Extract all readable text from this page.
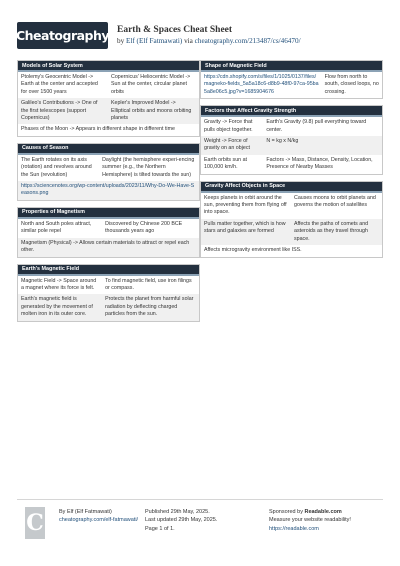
Cheatography Earth & Spaces Cheat Sheet
by Elf (Elf Fatmawati) via cheatography.com/213487/cs/46470/
Models of Solar System
Ptolemy's Geocentric Model -> Earth at the center and accepted for over 1500 years
Copernicus' Heliocentric Model -> Sun at the center, circular planet orbits
Galileo's Contributions -> One of the first telescopes (support Copernicus)
Kepler's Improved Model -> Elliptical orbits and moons orbiting planets
Phases of the Moon -> Appears in different shape in different time
Causes of Season
The Earth rotates on its axis (rotation) and revolves around the Sun (revolution)
Daylight (the hemisphere experi-encing summer (e.g., the Northern Hemisphere) is tilted towards the sun)
https://sciencenotes.org/wp-content/uploads/2023/11/Why-Do-We-Have-Seasons.png
Properties of Magnetism
North and South poles attract, similar pole repel
Discovered by Chinese 200 BCE thousands years ago
Magnetism (Physical) -> Allows certain materials to attract or repel each other.
Earth's Magnetic Field
Magnetic Field -> Space around a magnet where its force is felt.
To find magnetic field, use iron filings or compass.
Earth's magnetic field is generated by the movement of molten iron in its outer core.
Protects the planet from harmful solar radiation by deflecting charged particles from the sun.
Shape of Magnetic Field
https://cdn.shopify.com/s/files/1/1025/0137/files/magneko-fields_5a5a18c6-d8b9-48f0-97ca-95ba5a8e06c5.jpg?v=1685904676
Flow from north to south, closed loops, no crossing.
Factors that Affect Gravity Strength
Gravity -> Force that pulls object together.
Earth's Gravity (9.8) pull everything toward center.
Weight -> Force of gravity on an object
N = kg x N/kg
Earth orbits sun at 100,000 km/h.
Factors -> Mass, Distance, Density, Location, Presence of Nearby Masses
Gravity Affect Objects in Space
Keeps planets in orbit around the sun, preventing them from flying off into space.
Causes moons to orbit planets and governs the motion of satellites
Pulls matter together, which is how stars and galaxies are formed
Affects the paths of comets and asteroids as they travel through space.
Affects microgravity environment like ISS.
C	By Elf (Elf Fatmawati)
cheatography.com/elf-fatmawati/
Published 29th May, 2025.
Last updated 29th May, 2025.
Page 1 of 1.
Sponsored by Readable.com
Measure your website readability!
https://readable.com
